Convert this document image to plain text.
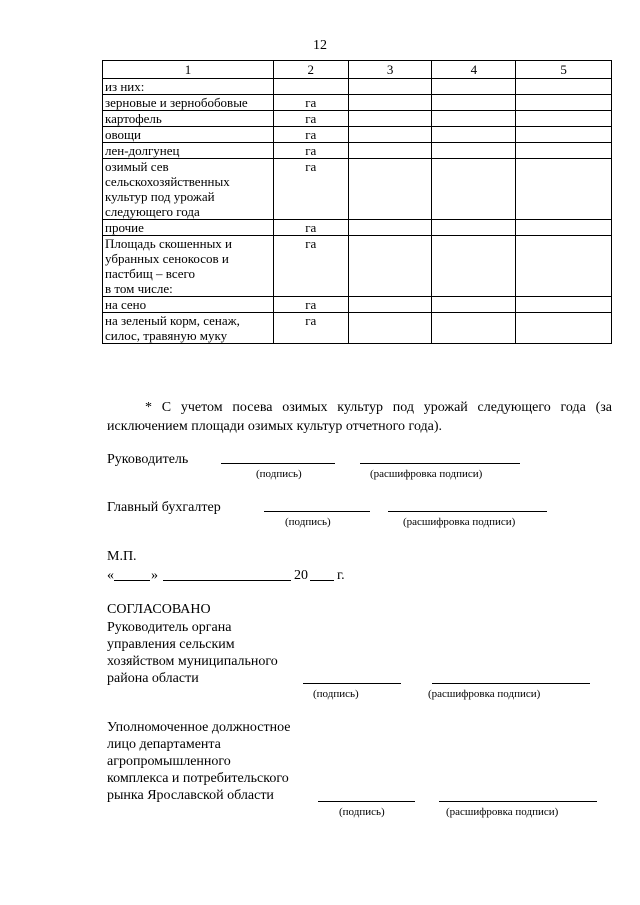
12
1	2	3	4	5
из них:				
зерновые и зернобобовые	га			
картофель	га			
овощи	га			
лен-долгунец	га			
озимый сев
сельскохозяйственных
культур под урожай
следующего года	га			
прочие	га			
Площадь скошенных и
убранных сенокосов и
пастбищ – всего
в том числе:	га			
на сено	га			
на зеленый корм, сенаж,
силос, травяную муку	га			
* С учетом посева озимых культур под урожай следующего года (за исключением площади озимых культур отчетного года).
Руководитель
(подпись)	(расшифровка подписи)
Главный бухгалтер
(подпись)	(расшифровка подписи)
М.П.
«	»	20 г.
СОГЛАСОВАНО
Руководитель органа
управления сельским
хозяйством муниципального
района области
(подпись)	(расшифровка подписи)
Уполномоченное должностное
лицо департамента
агропромышленного
комплекса и потребительского
рынка Ярославской области
(подпись)	(расшифровка подписи)
